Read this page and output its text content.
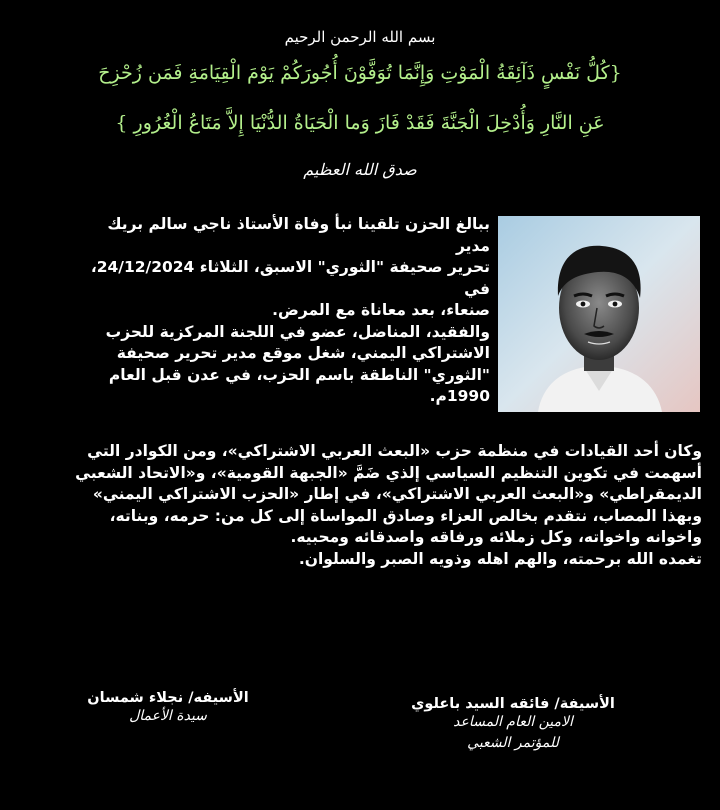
بسم الله الرحمن الرحيم
{كُلُّ نَفْسٍ ذَآئِقَةُ الْمَوْتِ وَإِنَّمَا تُوَفَّوْنَ أُجُورَكُمْ يَوْمَ الْقِيَامَةِ فَمَن زُحْزِحَ
عَنِ النَّارِ وَأُدْخِلَ الْجَنَّةَ فَقَدْ فَازَ وَما الْحَيَاةُ الدُّنْيَا إِلاَّ مَتَاعُ الْغُرُورِ }
صدق الله العظيم
ببالغ الحزن تلقينا نبأ وفاة الأستاذ ناجي سالم بريك مدير
تحرير صحيفة "الثوري" الاسبق، الثلاثاء 24/12/2024، في
صنعاء، بعد معاناة مع المرض.
والفقيد، المناضل، عضو في اللجنة المركزية للحزب
الاشتراكي اليمني، شغل موقع مدير تحرير صحيفة
"الثوري" الناطقة باسم الحزب، في عدن قبل العام
1990م.
وكان أحد القيادات في منظمة حزب «البعث العربي الاشتراكي»، ومن الكوادر التي
أسهمت في تكوين التنظيم السياسي إلذي ضَمَّ «الجبهة القومية»، و«الاتحاد الشعبي
الديمقراطي» و«البعث العربي الاشتراكي»، في إطار «الحزب الاشتراكي اليمني»
وبهذا المصاب، نتقدم بخالص العزاء وصادق المواساة إلى كل من: حرمه، وبناته،
واخوانه واخواته، وكل زملائه ورفاقه واصدقائه ومحبيه.
تغمده الله برحمته، والهم اهله وذويه الصبر والسلوان.
الأسيفة/ فائقه السيد باعلوي
الامين العام المساعد
للمؤتمر الشعبي
الأسيفه/ نجلاء شمسان
سيدة الأعمال
